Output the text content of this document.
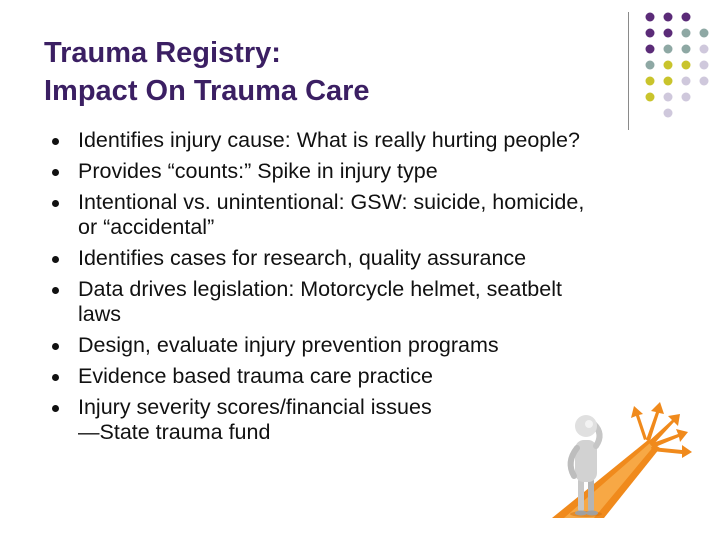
Trauma Registry:
Impact On Trauma Care
Identifies injury cause: What is really hurting people?
Provides “counts:” Spike in injury type
Intentional vs. unintentional: GSW: suicide, homicide,
or “accidental”
Identifies cases for research, quality assurance
Data drives legislation: Motorcycle helmet, seatbelt
laws
Design, evaluate injury prevention programs
Evidence based trauma care practice
Injury severity scores/financial issues
—State trauma fund
